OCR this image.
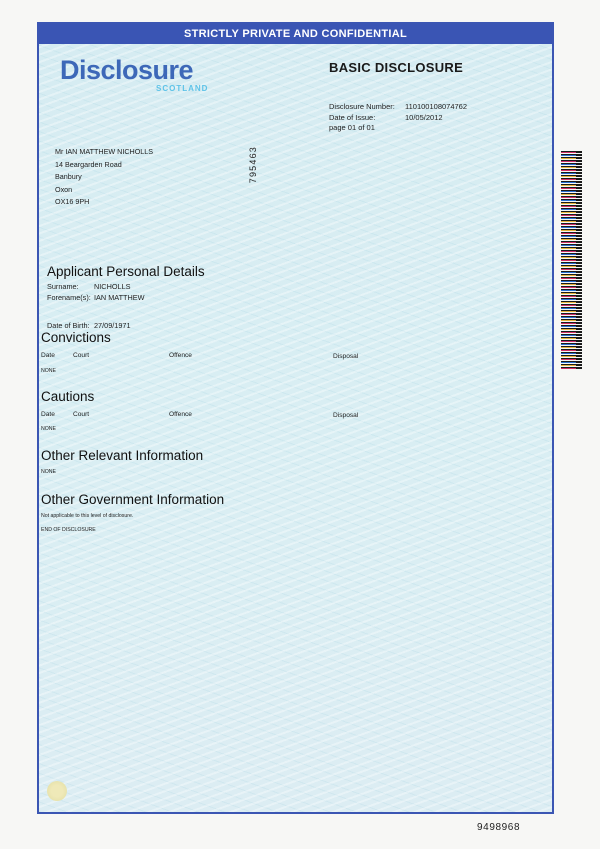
STRICTLY PRIVATE AND CONFIDENTIAL
Disclosure
SCOTLAND
BASIC DISCLOSURE
Disclosure Number:	110100108074762
Date of Issue:	10/05/2012
page 01 of 01
Mr IAN MATTHEW NICHOLLS
14 Beargarden Road
Banbury
Oxon
OX16 9PH
795463
Applicant Personal Details
Surname:	NICHOLLS
Forename(s): IAN MATTHEW
Date of Birth: 27/09/1971
Convictions
Date	Court	Offence	Disposal
NONE
Cautions
Date	Court	Offence	Disposal
NONE
Other Relevant Information
NONE
Other Government Information
Not applicable to this level of disclosure.
END OF DISCLOSURE
9498968
